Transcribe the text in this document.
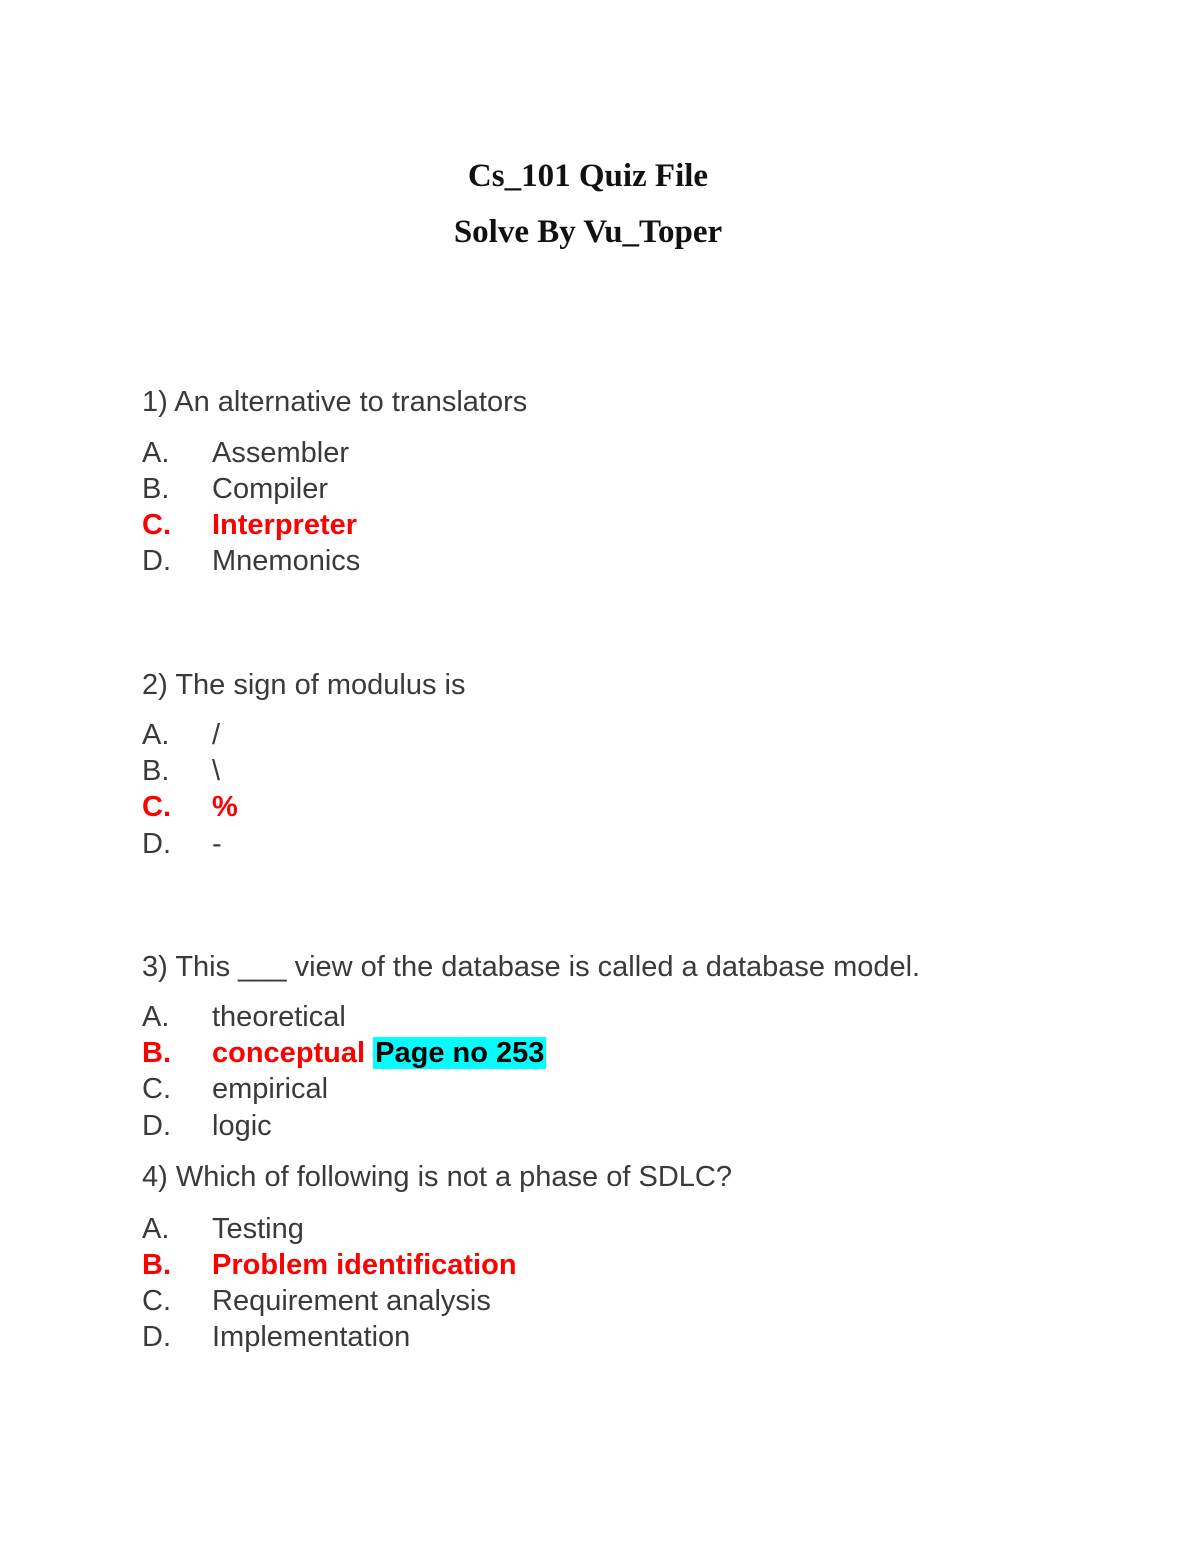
Cs_101 Quiz File
Solve By Vu_Toper

1) An alternative to translators

A. Assembler
B. Compiler
C. Interpreter
D. Mnemonics

2) The sign of modulus is

A. /
B. \
C. %
D. -

3) This ___ view of the database is called a database model.

A. theoretical
B. conceptual Page no 253
C. empirical
D. logic

4) Which of following is not a phase of SDLC?

A. Testing
B. Problem identification
C. Requirement analysis
D. Implementation
